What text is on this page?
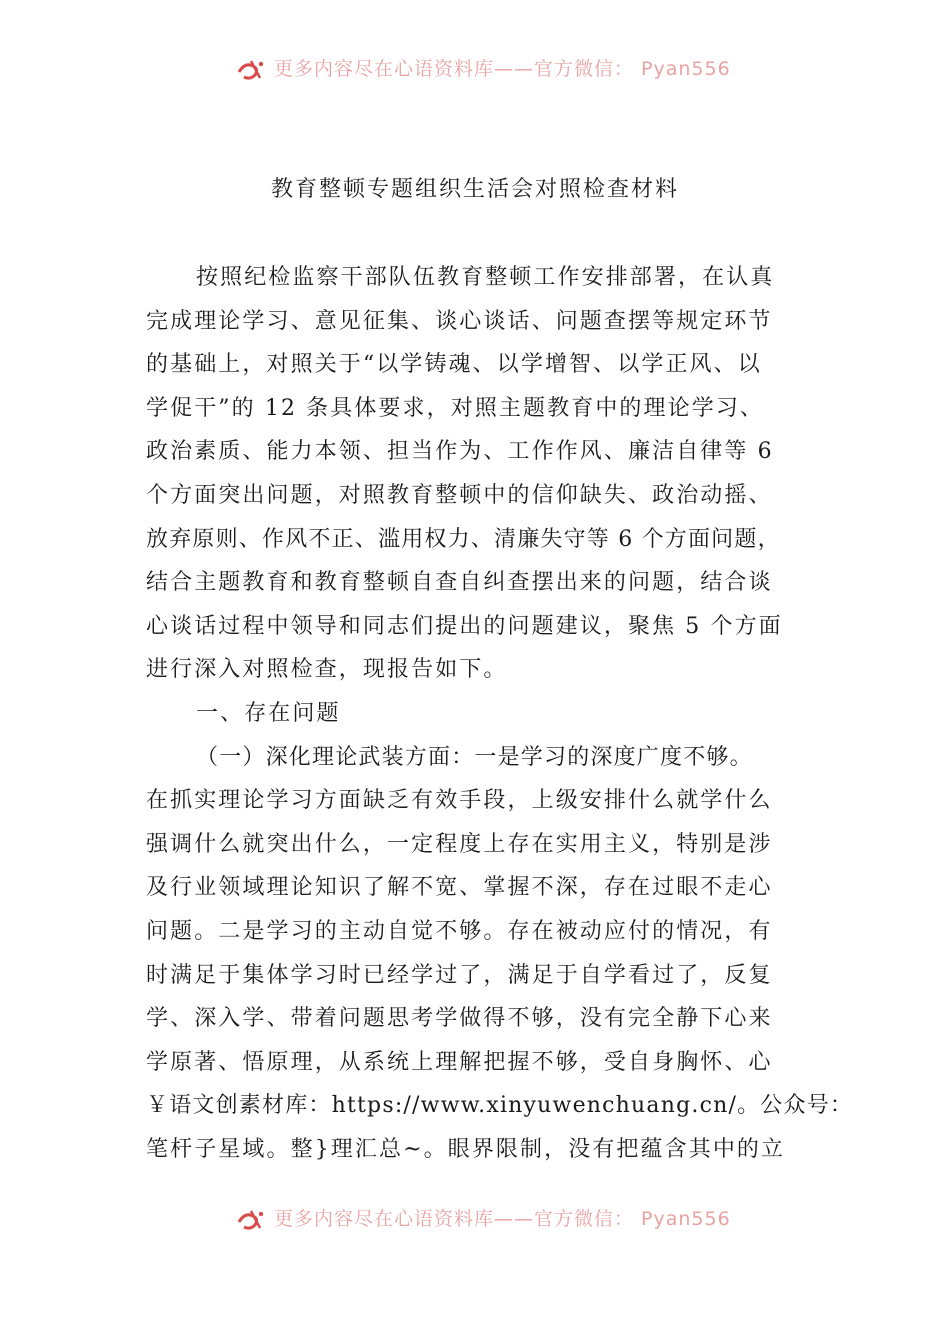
更多内容尽在心语资料库——官方微信： Pyan556
教育整顿专题组织生活会对照检查材料
按照纪检监察干部队伍教育整顿工作安排部署，在认真
完成理论学习、意见征集、谈心谈话、问题查摆等规定环节
的基础上，对照关于“以学铸魂、以学增智、以学正风、以
学促干”的 12 条具体要求，对照主题教育中的理论学习、
政治素质、能力本领、担当作为、工作作风、廉洁自律等 6
个方面突出问题，对照教育整顿中的信仰缺失、政治动摇、
放弃原则、作风不正、滥用权力、清廉失守等 6 个方面问题，
结合主题教育和教育整顿自查自纠查摆出来的问题，结合谈
心谈话过程中领导和同志们提出的问题建议，聚焦 5 个方面
进行深入对照检查，现报告如下。
一、存在问题
（一）深化理论武装方面：一是学习的深度广度不够。
在抓实理论学习方面缺乏有效手段，上级安排什么就学什么
强调什么就突出什么，一定程度上存在实用主义，特别是涉
及行业领域理论知识了解不宽、掌握不深，存在过眼不走心
问题。二是学习的主动自觉不够。存在被动应付的情况，有
时满足于集体学习时已经学过了，满足于自学看过了，反复
学、深入学、带着问题思考学做得不够，没有完全静下心来
学原著、悟原理，从系统上理解把握不够，受自身胸怀、心
￥语文创素材库：https://www.xinyuwenchuang.cn/。公众号：
笔杆子星域。整}理汇总~。眼界限制，没有把蕴含其中的立
更多内容尽在心语资料库——官方微信： Pyan556
